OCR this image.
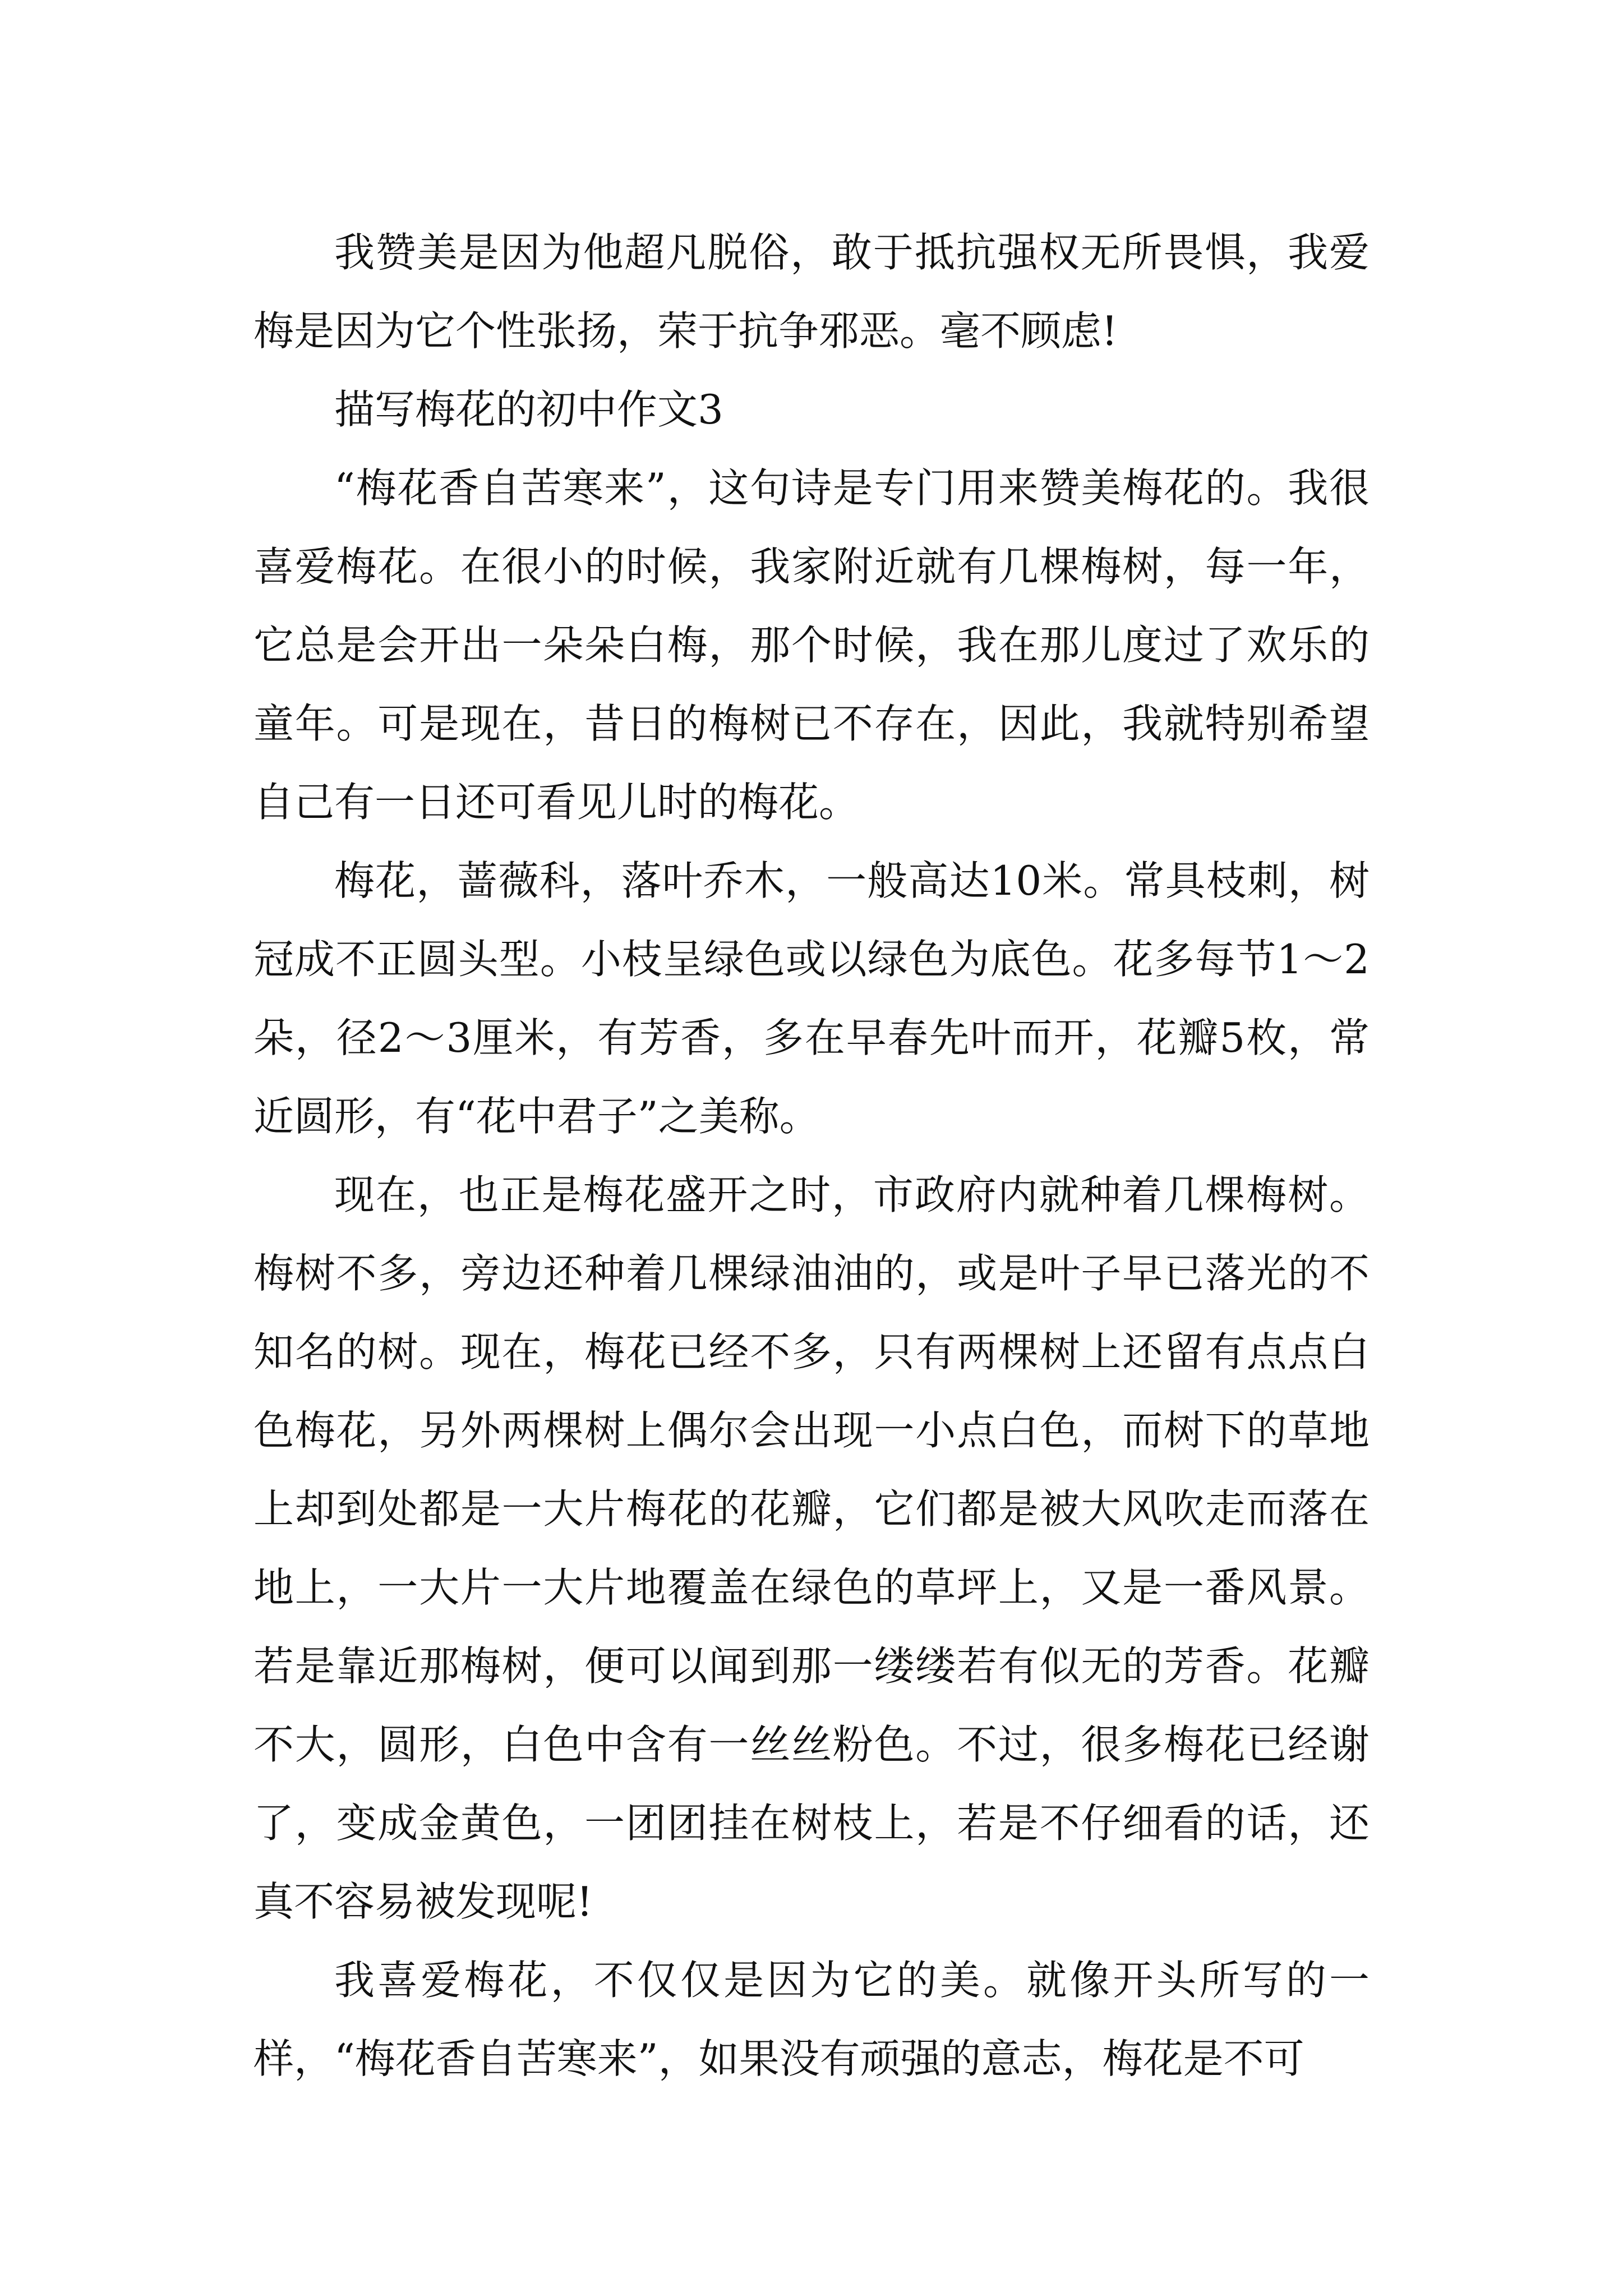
我赞美是因为他超凡脱俗，敢于抵抗强权无所畏惧，我爱梅是因为它个性张扬，荣于抗争邪恶。毫不顾虑!

描写梅花的初中作文3

“梅花香自苦寒来”，这句诗是专门用来赞美梅花的。我很喜爱梅花。在很小的时候，我家附近就有几棵梅树，每一年，它总是会开出一朵朵白梅，那个时候，我在那儿度过了欢乐的童年。可是现在，昔日的梅树已不存在，因此，我就特别希望自己有一日还可看见儿时的梅花。

梅花，蔷薇科，落叶乔木，一般高达10米。常具枝刺，树冠成不正圆头型。小枝呈绿色或以绿色为底色。花多每节1～2朵，径2～3厘米，有芳香，多在早春先叶而开，花瓣5枚，常近圆形，有“花中君子”之美称。

现在，也正是梅花盛开之时，市政府内就种着几棵梅树。梅树不多，旁边还种着几棵绿油油的，或是叶子早已落光的不知名的树。现在，梅花已经不多，只有两棵树上还留有点点白色梅花，另外两棵树上偶尔会出现一小点白色，而树下的草地上却到处都是一大片梅花的花瓣，它们都是被大风吹走而落在地上，一大片一大片地覆盖在绿色的草坪上，又是一番风景。若是靠近那梅树，便可以闻到那一缕缕若有似无的芳香。花瓣不大，圆形，白色中含有一丝丝粉色。不过，很多梅花已经谢了，变成金黄色，一团团挂在树枝上，若是不仔细看的话，还真不容易被发现呢!

我喜爱梅花，不仅仅是因为它的美。就像开头所写的一样，“梅花香自苦寒来”，如果没有顽强的意志，梅花是不可
